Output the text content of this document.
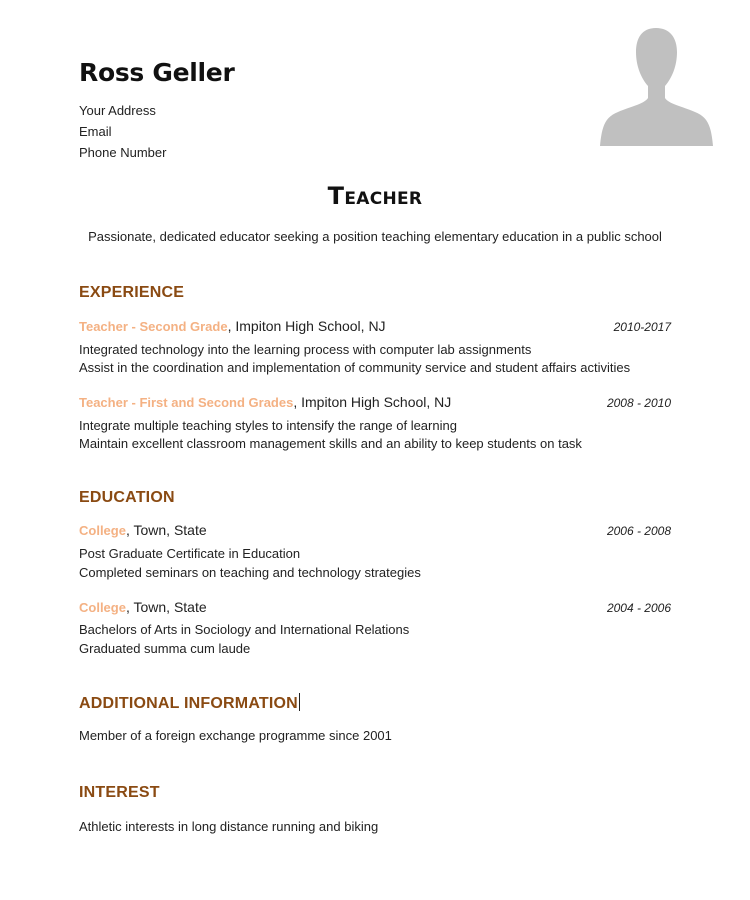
Ross Geller
Your Address
Email
Phone Number
TEACHER
Passionate, dedicated educator seeking a position teaching elementary education in a public school
EXPERIENCE
Teacher - Second Grade, Impiton High School, NJ	2010-2017
Integrated technology into the learning process with computer lab assignments
Assist in the coordination and implementation of community service and student affairs activities
Teacher - First and Second Grades, Impiton High School, NJ	2008 - 2010
Integrate multiple teaching styles to intensify the range of learning
Maintain excellent classroom management skills and an ability to keep students on task
EDUCATION
College, Town, State	2006 - 2008
Post Graduate Certificate in Education
Completed seminars on teaching and technology strategies
College, Town, State	2004 - 2006
Bachelors of Arts in Sociology and International Relations
Graduated summa cum laude
ADDITIONAL INFORMATION
Member of a foreign exchange programme since 2001
INTEREST
Athletic interests in long distance running and biking
